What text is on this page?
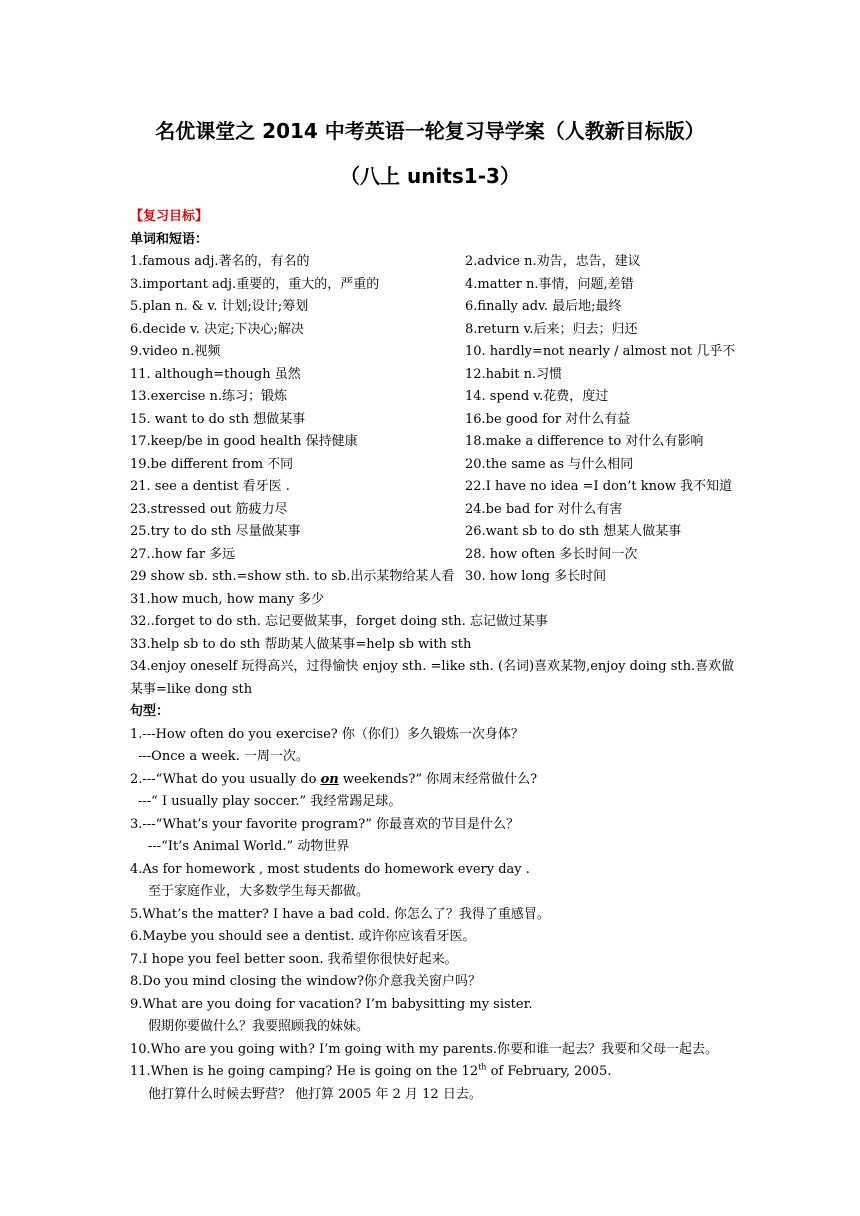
名优课堂之 2014 中考英语一轮复习导学案（人教新目标版）
（八上 units1-3）
【复习目标】
单词和短语：
1.famous adj.著名的，有名的	2.advice n.劝告，忠告，建议
3.important adj.重要的，重大的，严重的	4.matter n.事情，问题,差错
5.plan n. & v. 计划;设计;筹划	6.finally adv. 最后地;最终
6.decide v. 决定;下决心;解决	8.return v.后来；归去；归还
9.video n.视频	10. hardly=not nearly / almost not 几乎不
11. although=though 虽然	12.habit n.习惯
13.exercise n.练习；锻炼	14. spend v.花费，度过
15. want to do sth 想做某事	16.be good for 对什么有益
17.keep/be in good health 保持健康	18.make a difference to 对什么有影响
19.be different from 不同	20.the same as 与什么相同
21. see a dentist 看牙医 .	22.I have no idea =I don’t know 我不知道
23.stressed out 筋疲力尽	24.be bad for 对什么有害
25.try to do sth 尽量做某事	26.want sb to do sth 想某人做某事
27..how far 多远	28. how often 多长时间一次
29 show sb. sth.=show sth. to sb.出示某物给某人看 30. how long 多长时间
31.how much, how many 多少
32..forget to do sth. 忘记要做某事，forget doing sth. 忘记做过某事
33.help sb to do sth 帮助某人做某事=help sb with sth
34.enjoy oneself 玩得高兴，过得愉快 enjoy sth. =like sth. (名词)喜欢某物,enjoy doing sth.喜欢做某事=like dong sth
句型：
1.---How often do you exercise? 你（你们）多久锻炼一次身体？
---Once a week. 一周一次。
2.---“What do you usually do on weekends?” 你周末经常做什么?
---“ I usually play soccer.” 我经常踢足球。
3.---“What’s your favorite program?” 你最喜欢的节目是什么？
---“It’s Animal World.” 动物世界
4.As for homework , most students do homework every day .
至于家庭作业，大多数学生每天都做。
5.What’s the matter? I have a bad cold. 你怎么了？我得了重感冒。
6.Maybe you should see a dentist. 或许你应该看牙医。
7.I hope you feel better soon. 我希望你很快好起来。
8.Do you mind closing the window?你介意我关窗户吗？
9.What are you doing for vacation? I’m babysitting my sister.
假期你要做什么？我要照顾我的妹妹。
10.Who are you going with? I’m going with my parents.你要和谁一起去？我要和父母一起去。
11.When is he going camping? He is going on the 12th of February, 2005.
他打算什么时候去野营？ 他打算 2005 年 2 月 12 日去。
